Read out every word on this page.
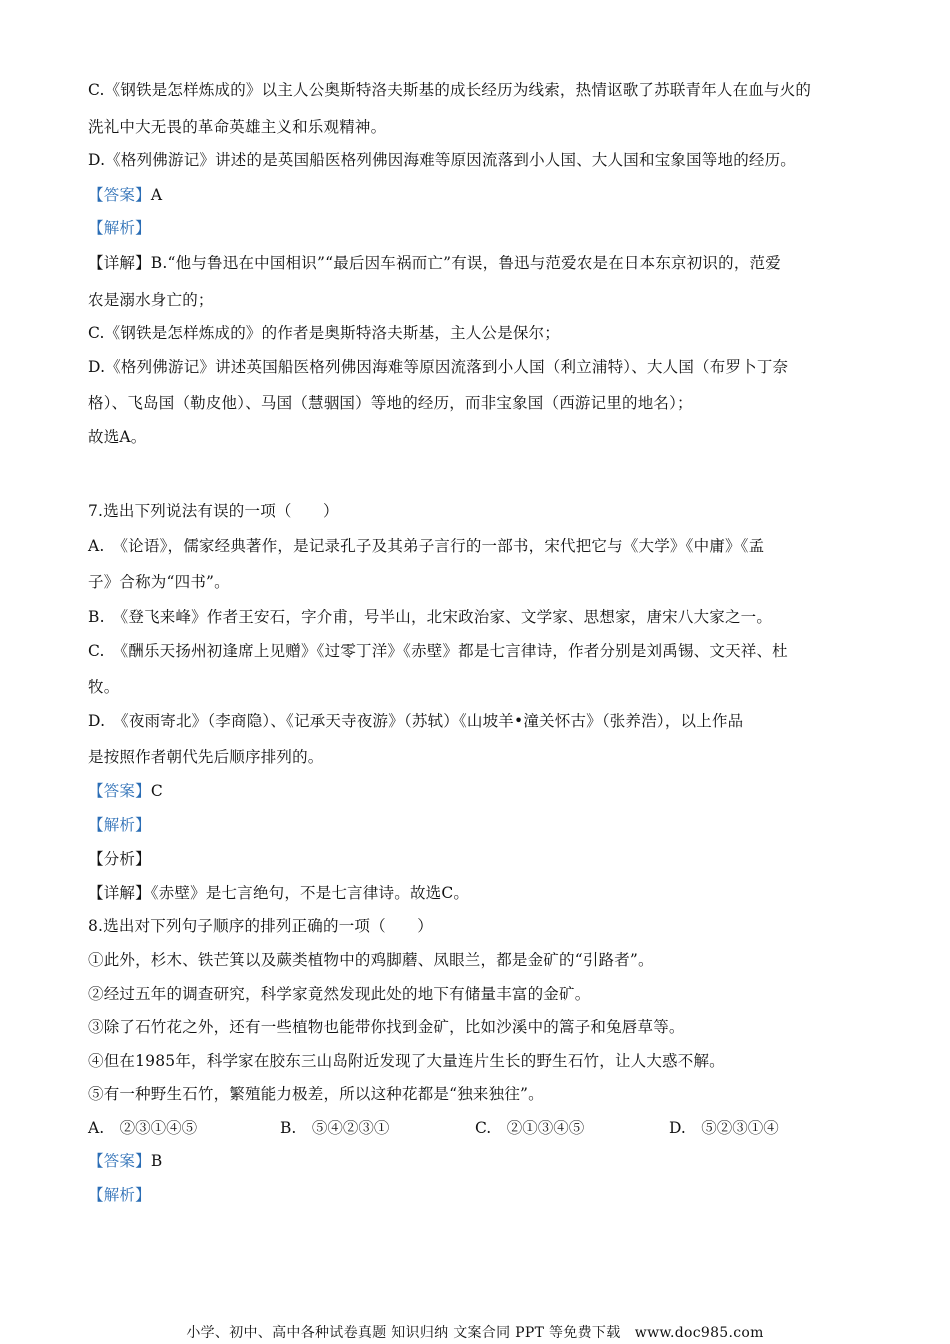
C.《钢铁是怎样炼成的》以主人公奥斯特洛夫斯基的成长经历为线索，热情讴歌了苏联青年人在血与火的
洗礼中大无畏的革命英雄主义和乐观精神。
D.《格列佛游记》讲述的是英国船医格列佛因海难等原因流落到小人国、大人国和宝象国等地的经历。
【答案】A
【解析】
【详解】B.“他与鲁迅在中国相识”“最后因车祸而亡”有误，鲁迅与范爱农是在日本东京初识的，范爱
农是溺水身亡的；
C.《钢铁是怎样炼成的》的作者是奥斯特洛夫斯基，主人公是保尔；
D.《格列佛游记》讲述英国船医格列佛因海难等原因流落到小人国（利立浦特）、大人国（布罗卜丁奈
格）、飞岛国（勒皮他）、马国（慧骃国）等地的经历，而非宝象国（西游记里的地名）；
故选A。
7.选出下列说法有误的一项（　　）
A.　《论语》，儒家经典著作，是记录孔子及其弟子言行的一部书，宋代把它与《大学》《中庸》《孟
子》合称为“四书”。
B.　《登飞来峰》作者王安石，字介甫，号半山，北宋政治家、文学家、思想家，唐宋八大家之一。
C.　《酬乐天扬州初逢席上见赠》《过零丁洋》《赤壁》都是七言律诗，作者分别是刘禹锡、文天祥、杜
牧。
D.　《夜雨寄北》（李商隐）、《记承天寺夜游》（苏轼）《山坡羊•潼关怀古》（张养浩），以上作品
是按照作者朝代先后顺序排列的。
【答案】C
【解析】
【分析】
【详解】《赤壁》是七言绝句，不是七言律诗。故选C。
8.选出对下列句子顺序的排列正确的一项（　　）
①此外，杉木、铁芒箕以及蕨类植物中的鸡脚蘑、凤眼兰，都是金矿的“引路者”。
②经过五年的调查研究，科学家竟然发现此处的地下有储量丰富的金矿。
③除了石竹花之外，还有一些植物也能带你找到金矿，比如沙溪中的篙子和兔唇草等。
④但在1985年，科学家在胶东三山岛附近发现了大量连片生长的野生石竹，让人大惑不解。
⑤有一种野生石竹，繁殖能力极差，所以这种花都是“独来独往”。
A.　②③①④⑤	B.　⑤④②③①	C.　②①③④⑤	D.　⑤②③①④
【答案】B
【解析】
小学、初中、高中各种试卷真题 知识归纳 文案合同 PPT 等免费下载　www.doc985.com
